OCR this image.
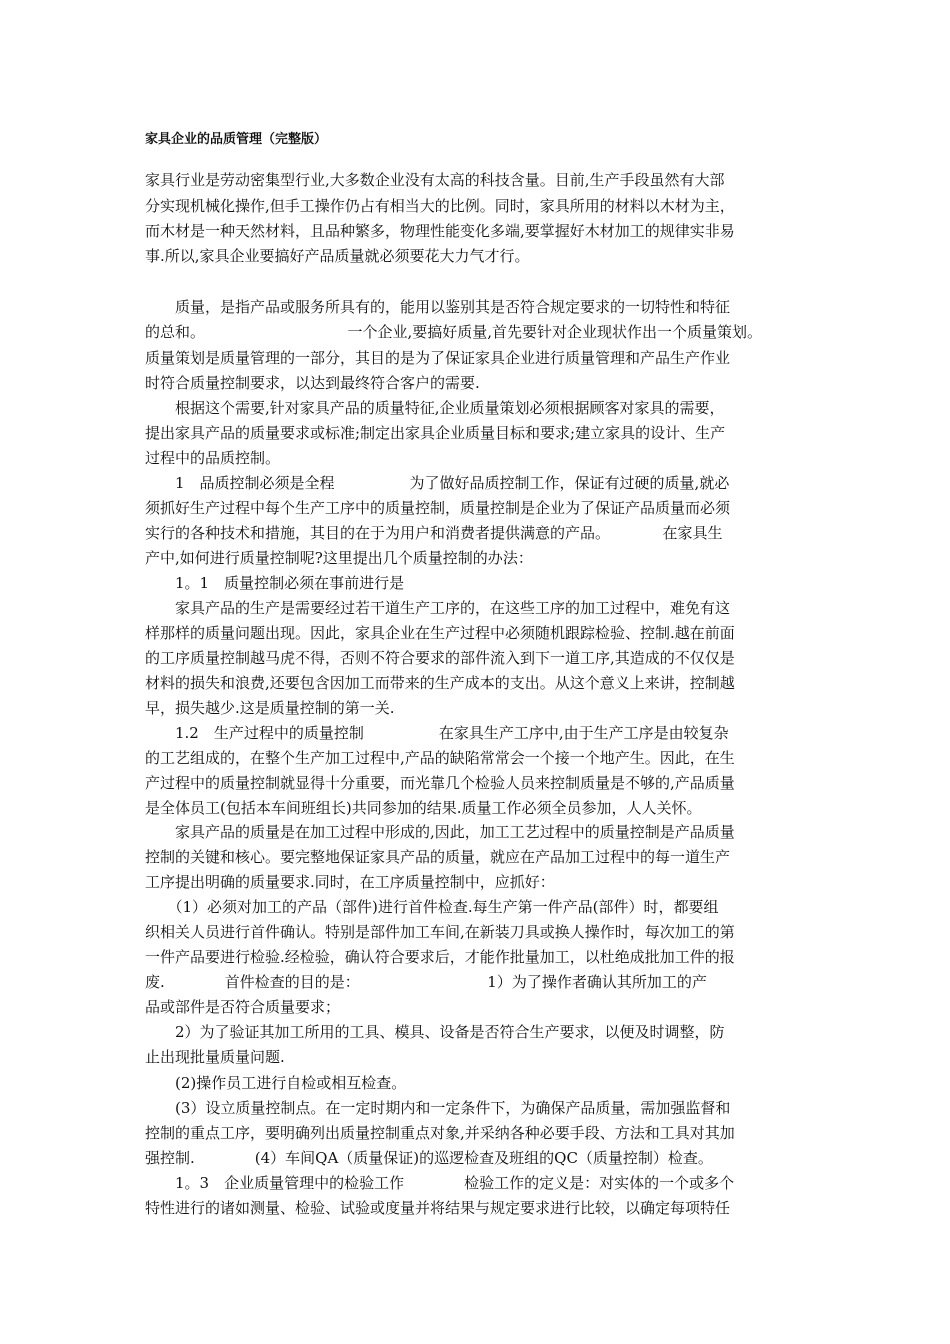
家具企业的品质管理（完整版）
家具行业是劳动密集型行业,大多数企业没有太高的科技含量。目前,生产手段虽然有大部
分实现机械化操作,但手工操作仍占有相当大的比例。同时，家具所用的材料以木材为主，
而木材是一种天然材料，且品种繁多，物理性能变化多端,要掌握好木材加工的规律实非易
事.所以,家具企业要搞好产品质量就必须要花大力气才行。
　　质量，是指产品或服务所具有的，能用以鉴别其是否符合规定要求的一切特性和特征
的总和。　　　　　　　　　　一个企业,要搞好质量,首先要针对企业现状作出一个质量策划。
质量策划是质量管理的一部分，其目的是为了保证家具企业进行质量管理和产品生产作业
时符合质量控制要求，以达到最终符合客户的需要.
　　根据这个需要,针对家具产品的质量特征,企业质量策划必须根据顾客对家具的需要，
提出家具产品的质量要求或标准;制定出家具企业质量目标和要求;建立家具的设计、生产
过程中的品质控制。
　　1　品质控制必须是全程　　　　　为了做好品质控制工作，保证有过硬的质量,就必
须抓好生产过程中每个生产工序中的质量控制，质量控制是企业为了保证产品质量而必须
实行的各种技术和措施，其目的在于为用户和消费者提供满意的产品。　　　　在家具生
产中,如何进行质量控制呢?这里提出几个质量控制的办法：
　　1。1　质量控制必须在事前进行是
　　家具产品的生产是需要经过若干道生产工序的，在这些工序的加工过程中，难免有这
样那样的质量问题出现。因此，家具企业在生产过程中必须随机跟踪检验、控制.越在前面
的工序质量控制越马虎不得，否则不符合要求的部件流入到下一道工序,其造成的不仅仅是
材料的损失和浪费,还要包含因加工而带来的生产成本的支出。从这个意义上来讲，控制越
早，损失越少.这是质量控制的第一关.
　　1.2　生产过程中的质量控制　　　　　在家具生产工序中,由于生产工序是由较复杂
的工艺组成的，在整个生产加工过程中,产品的缺陷常常会一个接一个地产生。因此，在生
产过程中的质量控制就显得十分重要，而光靠几个检验人员来控制质量是不够的,产品质量
是全体员工(包括本车间班组长)共同参加的结果.质量工作必须全员参加，人人关怀。
　　家具产品的质量是在加工过程中形成的,因此，加工工艺过程中的质量控制是产品质量
控制的关键和核心。要完整地保证家具产品的质量，就应在产品加工过程中的每一道生产
工序提出明确的质量要求.同时，在工序质量控制中，应抓好：
　　（1）必须对加工的产品（部件)进行首件检查.每生产第一件产品(部件）时，都要组
织相关人员进行首件确认。特别是部件加工车间,在新装刀具或换人操作时，每次加工的第
一件产品要进行检验.经检验，确认符合要求后，才能作批量加工，以杜绝成批加工件的报
废.　　　　首件检查的目的是：　　　　　　　　　1）为了操作者确认其所加工的产
品或部件是否符合质量要求；
　　2）为了验证其加工所用的工具、模具、设备是否符合生产要求，以便及时调整，防
止出现批量质量问题.
　　(2)操作员工进行自检或相互检查。
　　(3）设立质量控制点。在一定时期内和一定条件下，为确保产品质量，需加强监督和
控制的重点工序，要明确列出质量控制重点对象,并采纳各种必要手段、方法和工具对其加
强控制.　　　　(4）车间QA（质量保证)的巡逻检查及班组的QC（质量控制）检查。
　　1。3　企业质量管理中的检验工作　　　　检验工作的定义是：对实体的一个或多个
特性进行的诸如测量、检验、试验或度量并将结果与规定要求进行比较，以确定每项特任
